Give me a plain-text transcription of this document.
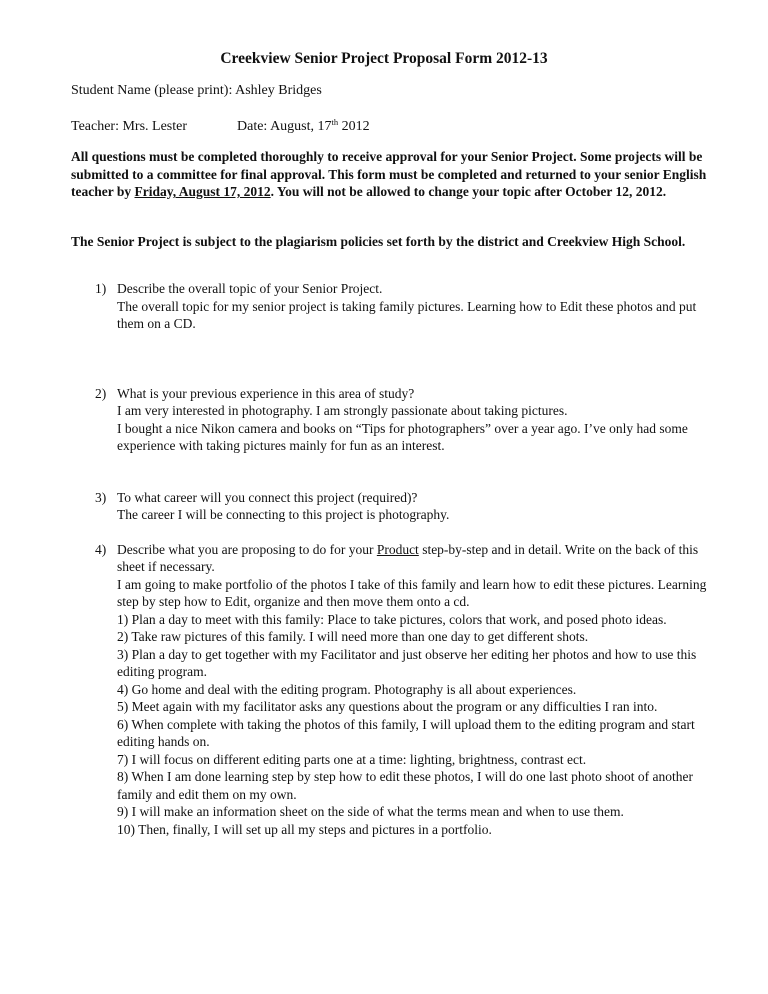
Creekview Senior Project Proposal Form 2012-13
Student Name (please print): Ashley Bridges
Teacher: Mrs. Lester	Date: August, 17th 2012
All questions must be completed thoroughly to receive approval for your Senior Project. Some projects will be submitted to a committee for final approval. This form must be completed and returned to your senior English teacher by Friday, August 17, 2012. You will not be allowed to change your topic after October 12, 2012.
The Senior Project is subject to the plagiarism policies set forth by the district and Creekview High School.
1) Describe the overall topic of your Senior Project.
The overall topic for my senior project is taking family pictures. Learning how to Edit these photos and put them on a CD.
2) What is your previous experience in this area of study?
I am very interested in photography. I am strongly passionate about taking pictures.
I bought a nice Nikon camera and books on “Tips for photographers” over a year ago. I’ve only had some experience with taking pictures mainly for fun as an interest.
3) To what career will you connect this project (required)?
The career I will be connecting to this project is photography.
4) Describe what you are proposing to do for your Product step-by-step and in detail. Write on the back of this sheet if necessary.
I am going to make portfolio of the photos I take of this family and learn how to edit these pictures. Learning step by step how to Edit, organize and then move them onto a cd.
1) Plan a day to meet with this family: Place to take pictures, colors that work, and posed photo ideas.
2) Take raw pictures of this family. I will need more than one day to get different shots.
3) Plan a day to get together with my Facilitator and just observe her editing her photos and how to use this editing program.
4) Go home and deal with the editing program. Photography is all about experiences.
5) Meet again with my facilitator asks any questions about the program or any difficulties I ran into.
6) When complete with taking the photos of this family, I will upload them to the editing program and start editing hands on.
7) I will focus on different editing parts one at a time: lighting, brightness, contrast ect.
8) When I am done learning step by step how to edit these photos, I will do one last photo shoot of another family and edit them on my own.
9) I will make an information sheet on the side of what the terms mean and when to use them.
10) Then, finally, I will set up all my steps and pictures in a portfolio.
